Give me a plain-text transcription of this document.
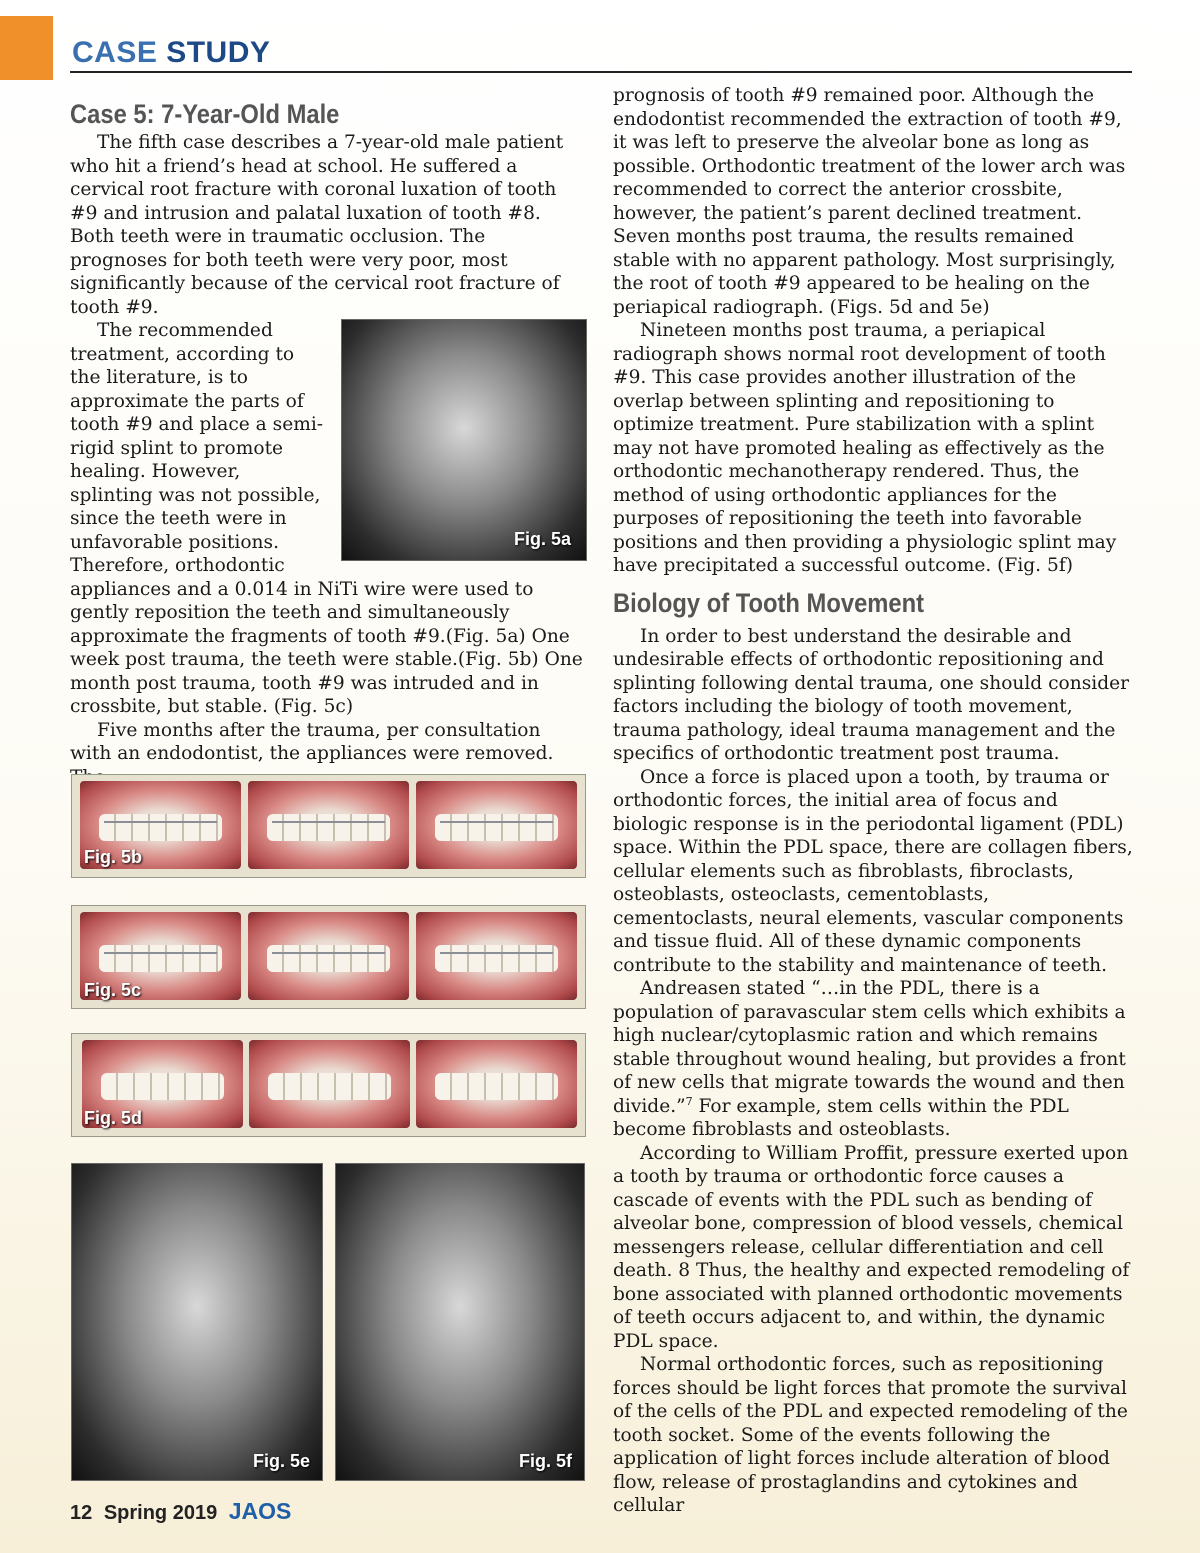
CASE STUDY
Case 5: 7-Year-Old Male

The fifth case describes a 7-year-old male patient who hit a friend’s head at school. He suffered a cervical root fracture with coronal luxation of tooth #9 and intrusion and palatal luxation of tooth #8. Both teeth were in traumatic occlusion. The prognoses for both teeth were very poor, most significantly because of the cervical root fracture of tooth #9.

Fig. 5a

The recommended treatment, according to the literature, is to approximate the parts of tooth #9 and place a semi-rigid splint to promote healing. However, splinting was not possible, since the teeth were in unfavorable positions. Therefore, orthodontic appliances and a 0.014 in NiTi wire were used to gently reposition the teeth and simultaneously approximate the fragments of tooth #9.(Fig. 5a) One week post trauma, the teeth were stable.(Fig. 5b) One month post trauma, tooth #9 was intruded and in crossbite, but stable. (Fig. 5c)

Five months after the trauma, per consultation with an endodontist, the appliances were removed.

Fig. 5b
Fig. 5c
Fig. 5d
Fig. 5e	Fig. 5f

prognosis of tooth #9 remained poor. Although the endodontist recommended the extraction of tooth #9, it was left to preserve the alveolar bone as long as possible. Orthodontic treatment of the lower arch was recommended to correct the anterior crossbite, however, the patient’s parent declined treatment. Seven months post trauma, the results remained stable with no apparent pathology. Most surprisingly, the root of tooth #9 appeared to be healing on the periapical radiograph. (Figs. 5d and 5e)

Nineteen months post trauma, a periapical radiograph shows normal root development of tooth #9. This case provides another illustration of the overlap between splinting and repositioning to optimize treatment. Pure stabilization with a splint may not have promoted healing as effectively as the orthodontic mechanotherapy rendered. Thus, the method of using orthodontic appliances for the purposes of repositioning the teeth into favorable positions and then providing a physiologic splint may have precipitated a successful outcome. (Fig. 5f)

Biology of Tooth Movement

In order to best understand the desirable and undesirable effects of orthodontic repositioning and splinting following dental trauma, one should consider factors including the biology of tooth movement, trauma pathology, ideal trauma management and the specifics of orthodontic treatment post trauma.

Once a force is placed upon a tooth, by trauma or orthodontic forces, the initial area of focus and biologic response is in the periodontal ligament (PDL) space. Within the PDL space, there are collagen fibers, cellular elements such as fibroblasts, fibroclasts, osteoblasts, osteoclasts, cementoblasts, cementoclasts, neural elements, vascular components and tissue fluid. All of these dynamic components contribute to the stability and maintenance of teeth.

Andreasen stated “…in the PDL, there is a population of paravascular stem cells which exhibits a high nuclear/cytoplasmic ration and which remains stable throughout wound healing, but provides a front of new cells that migrate towards the wound and then divide.”$^7$ For example, stem cells within the PDL become fibroblasts and osteoblasts.

According to William Proffit, pressure exerted upon a tooth by trauma or orthodontic force causes a cascade of events with the PDL such as bending of alveolar bone, compression of blood vessels, chemical messengers release, cellular differentiation and cell death. 8 Thus, the healthy and expected remodeling of bone associated with planned orthodontic movements of teeth occurs adjacent to, and within, the dynamic PDL space.

Normal orthodontic forces, such as repositioning forces should be light forces that promote the survival of the cells of the PDL and expected remodeling of the tooth socket. Some of the events following the application of light forces include alteration of blood flow, release of prostaglandins and cytokines and cellular

12 Spring 2019 JAOS
